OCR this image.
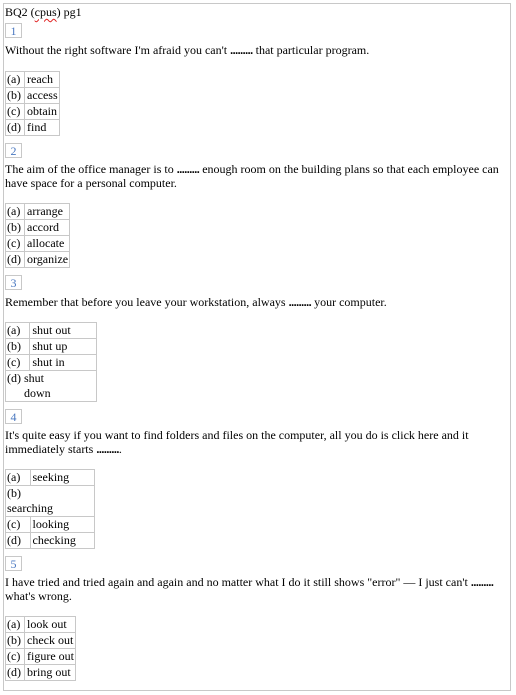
BQ2 (cpus) pg1
1
Without the right software I'm afraid you can't ......... that particular program.
(a)	reach
(b)	access
(c)	obtain
(d)	find
2
The aim of the office manager is to ......... enough room on the building plans so that each employee can have space for a personal computer.
(a)	arrange
(b)	accord
(c)	allocate
(d)	organize
3
Remember that before you leave your workstation, always ......... your computer.
(a)	shut out
(b)	shut up
(c)	shut in
(d) shut down	
4
It's quite easy if you want to find folders and files on the computer, all you do is click here and it immediately starts ..........
(a)	seeking
(b)
searching	
(c)	looking
(d)	checking
5
I have tried and tried again and again and no matter what I do it still shows "error" — I just can't ......... what's wrong.
(a)	look out
(b)	check out
(c)	figure out
(d)	bring out
